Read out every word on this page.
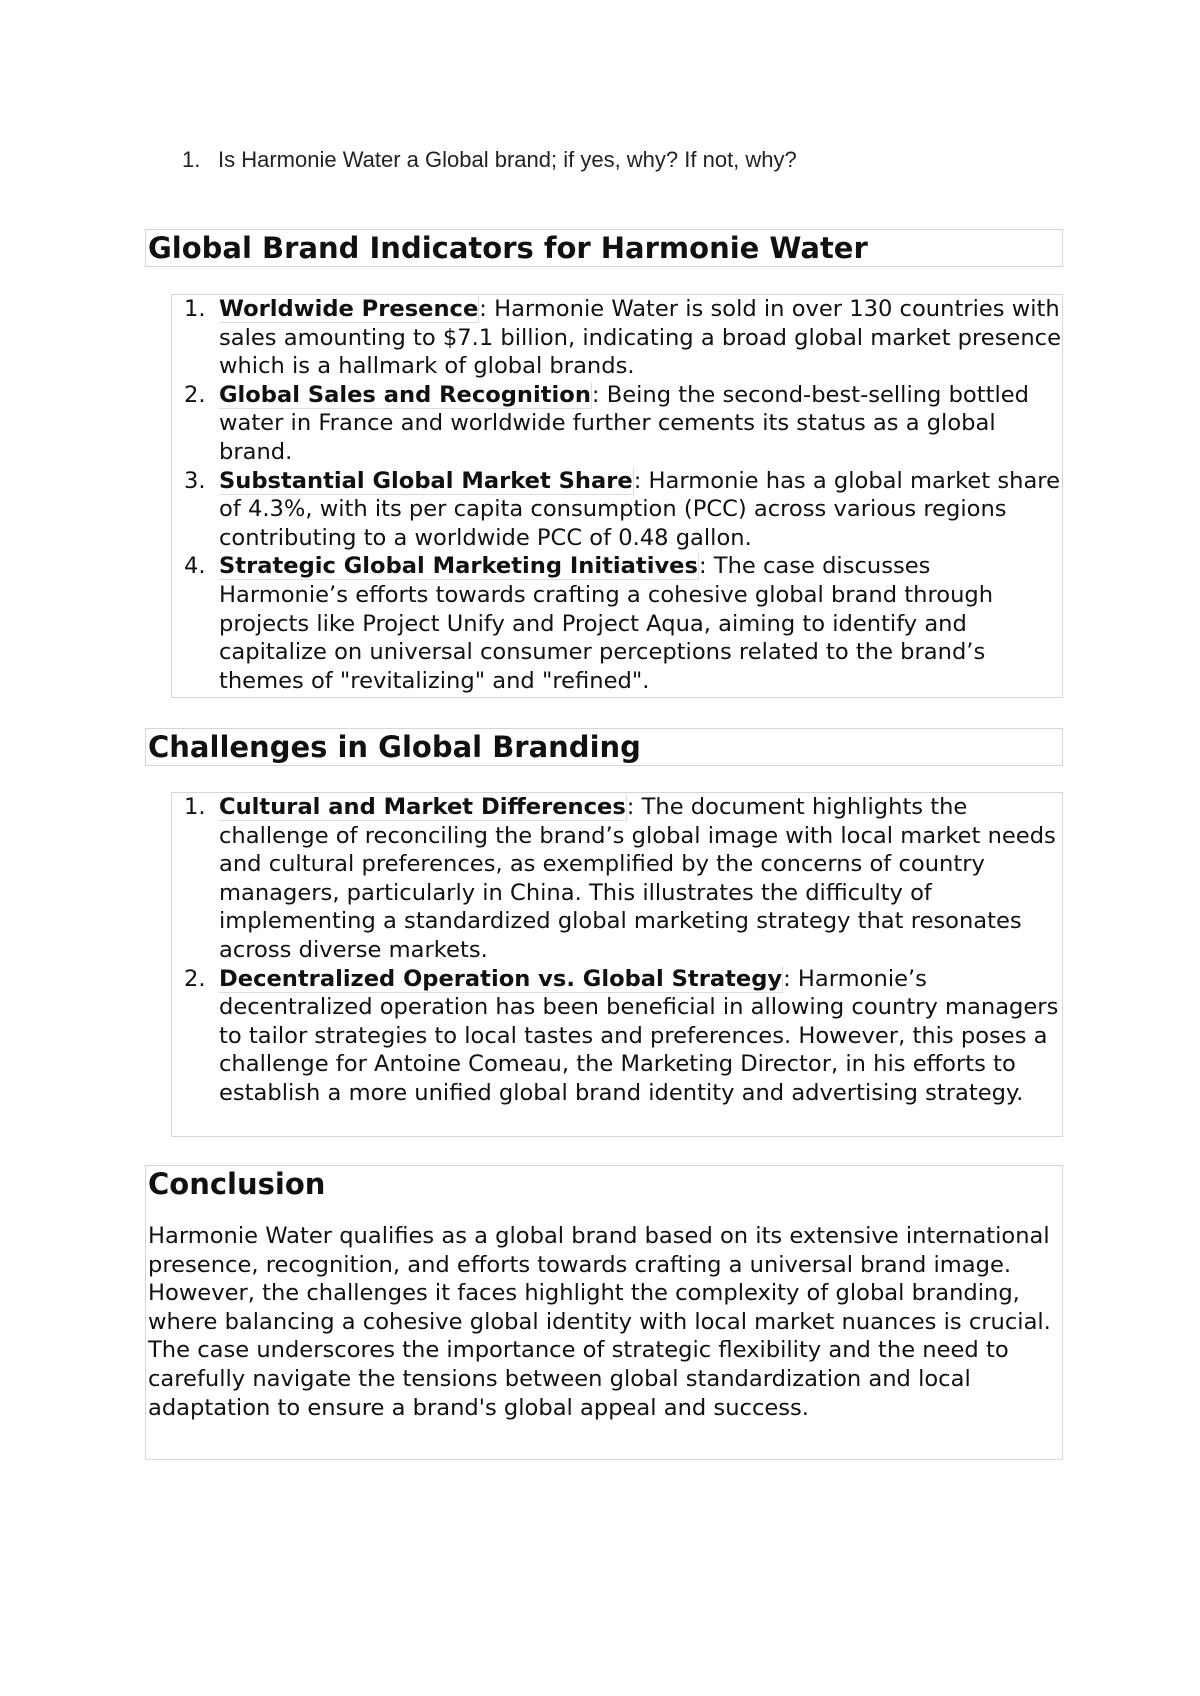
1. Is Harmonie Water a Global brand; if yes, why? If not, why?
Global Brand Indicators for Harmonie Water
1. Worldwide Presence: Harmonie Water is sold in over 130 countries with sales amounting to $7.1 billion, indicating a broad global market presence which is a hallmark of global brands.
2. Global Sales and Recognition: Being the second-best-selling bottled water in France and worldwide further cements its status as a global brand.
3. Substantial Global Market Share: Harmonie has a global market share of 4.3%, with its per capita consumption (PCC) across various regions contributing to a worldwide PCC of 0.48 gallon.
4. Strategic Global Marketing Initiatives: The case discusses Harmonie’s efforts towards crafting a cohesive global brand through projects like Project Unify and Project Aqua, aiming to identify and capitalize on universal consumer perceptions related to the brand’s themes of "revitalizing" and "refined".
Challenges in Global Branding
1. Cultural and Market Differences: The document highlights the challenge of reconciling the brand’s global image with local market needs and cultural preferences, as exemplified by the concerns of country managers, particularly in China. This illustrates the difficulty of implementing a standardized global marketing strategy that resonates across diverse markets.
2. Decentralized Operation vs. Global Strategy: Harmonie’s decentralized operation has been beneficial in allowing country managers to tailor strategies to local tastes and preferences. However, this poses a challenge for Antoine Comeau, the Marketing Director, in his efforts to establish a more unified global brand identity and advertising strategy.
Conclusion

Harmonie Water qualifies as a global brand based on its extensive international presence, recognition, and efforts towards crafting a universal brand image. However, the challenges it faces highlight the complexity of global branding, where balancing a cohesive global identity with local market nuances is crucial. The case underscores the importance of strategic flexibility and the need to carefully navigate the tensions between global standardization and local adaptation to ensure a brand's global appeal and success.
